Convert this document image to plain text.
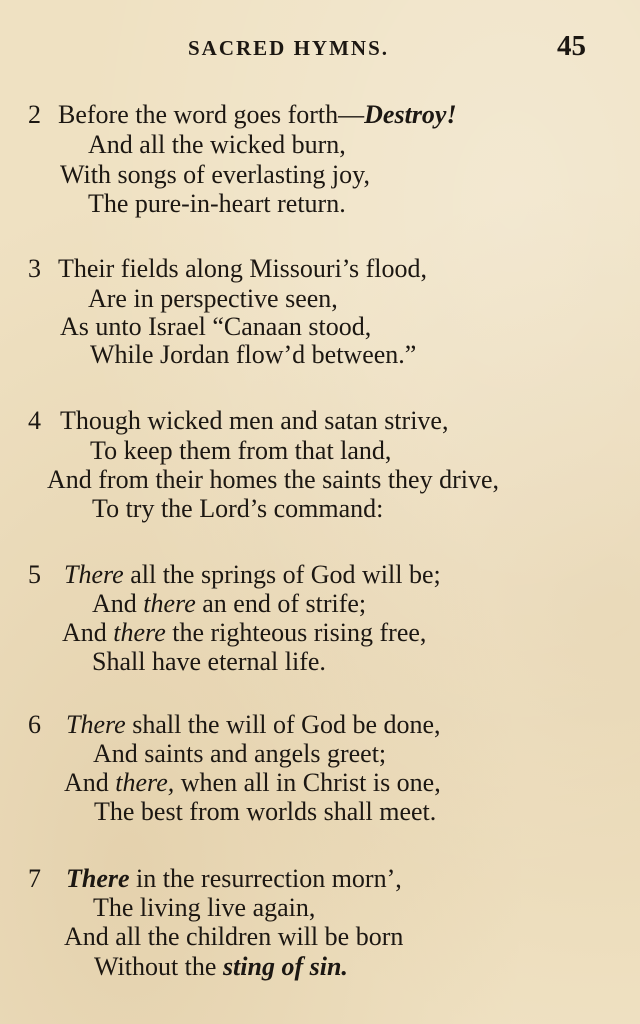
SACRED HYMNS.	45
2 Before the word goes forth—Destroy!
And all the wicked burn,
With songs of everlasting joy,
The pure-in-heart return.
3 Their fields along Missouri’s flood,
Are in perspective seen,
As unto Israel “Canaan stood,
While Jordan flow’d between.”
4 Though wicked men and satan strive,
To keep them from that land,
And from their homes the saints they drive,
To try the Lord’s command:
5 There all the springs of God will be;
And there an end of strife;
And there the righteous rising free,
Shall have eternal life.
6 There shall the will of God be done,
And saints and angels greet;
And there, when all in Christ is one,
The best from worlds shall meet.
7 There in the resurrection morn’,
The living live again,
And all the children will be born
Without the sting of sin.
